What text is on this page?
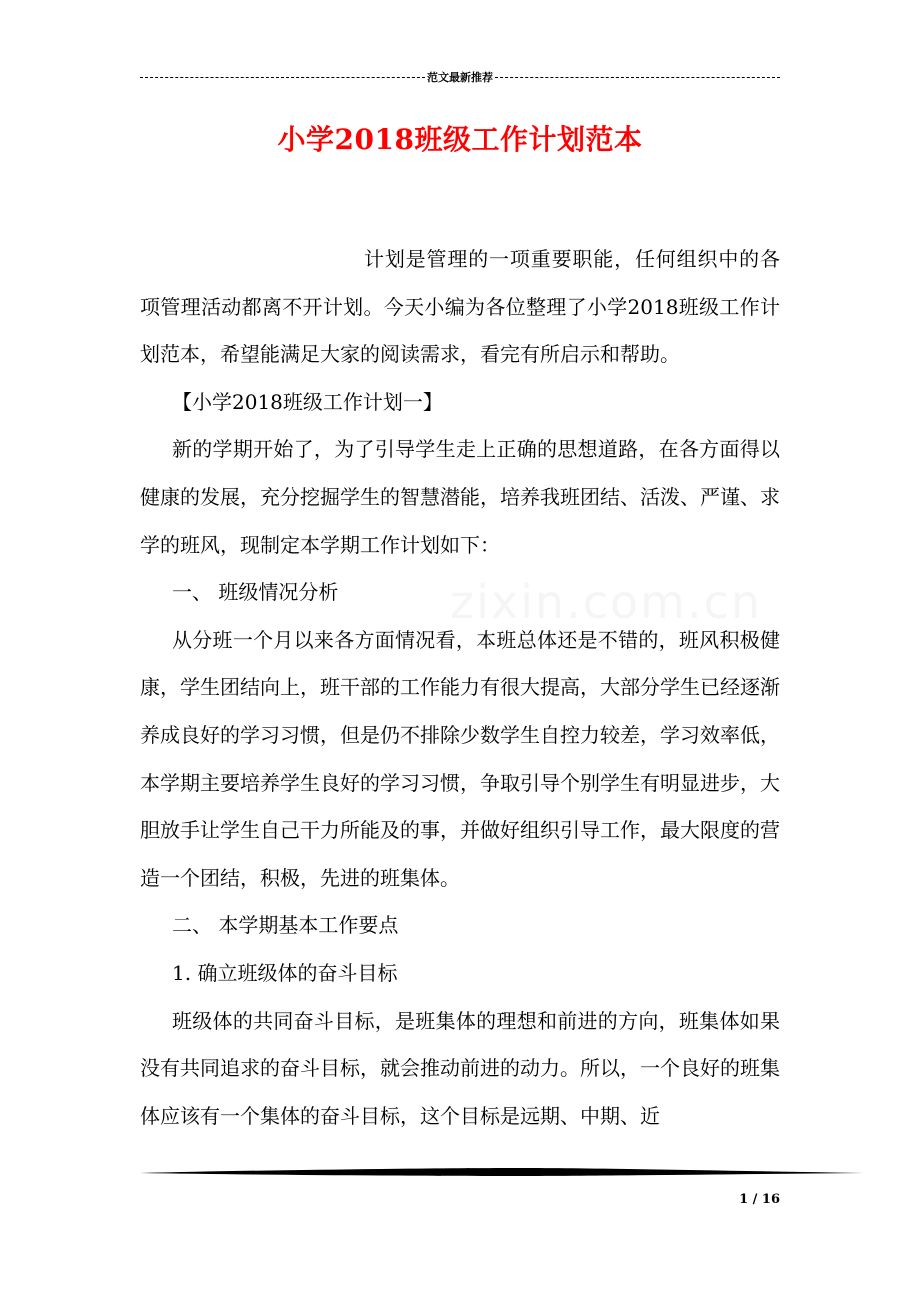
范文最新推荐
zixin.com.cn
小学2018班级工作计划范本

计划是管理的一项重要职能，任何组织中的各项管理活动都离不开计划。今天小编为各位整理了小学2018班级工作计划范本，希望能满足大家的阅读需求，看完有所启示和帮助。

【小学2018班级工作计划一】

新的学期开始了，为了引导学生走上正确的思想道路，在各方面得以健康的发展，充分挖掘学生的智慧潜能，培养我班团结、活泼、严谨、求学的班风，现制定本学期工作计划如下：

一、 班级情况分析

从分班一个月以来各方面情况看，本班总体还是不错的，班风积极健康，学生团结向上，班干部的工作能力有很大提高，大部分学生已经逐渐养成良好的学习习惯，但是仍不排除少数学生自控力较差，学习效率低，本学期主要培养学生良好的学习习惯，争取引导个别学生有明显进步，大胆放手让学生自己干力所能及的事，并做好组织引导工作，最大限度的营造一个团结，积极，先进的班集体。

二、 本学期基本工作要点

1. 确立班级体的奋斗目标

班级体的共同奋斗目标，是班集体的理想和前进的方向，班集体如果没有共同追求的奋斗目标，就会推动前进的动力。所以，一个良好的班集体应该有一个集体的奋斗目标，这个目标是远期、中期、近

1 / 16
